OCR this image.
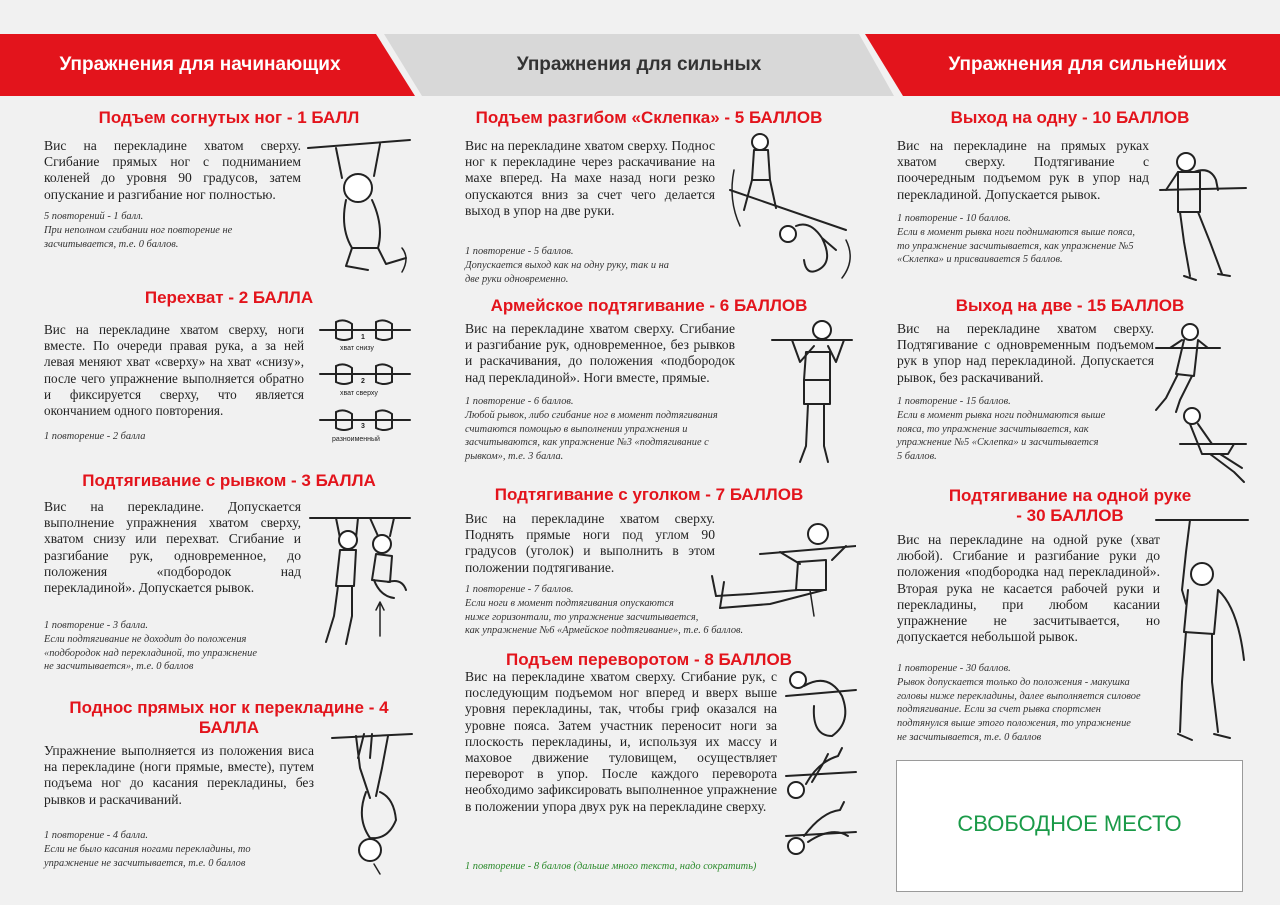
Упражнения для начинающих	Упражнения для сильных	Упражнения для сильнейших
Подъем согнутых ног - 1 БАЛЛ
Вис на перекладине хватом сверху. Сгибание прямых ног с подниманием коленей до уровня 90 градусов, затем опускание и разгибание ног полностью.
5 повторений - 1 балл.
При неполном сгибании ног повторение не
засчитывается, т.е. 0 баллов.
Перехват - 2 БАЛЛА
Вис на перекладине хватом сверху, ноги вместе. По очереди правая рука, а за ней левая меняют хват «сверху» на хват «снизу», после чего упражнение выполняется обратно и фиксируется сверху, что является окончанием одного повторения.
1 повторение - 2 балла
1
хват снизу
2
хват сверху
3
разноименный
Подтягивание с рывком - 3 БАЛЛА
Вис на перекладине. Допускается выполнение упражнения хватом сверху, хватом снизу или перехват. Сгибание и разгибание рук, одновременное, до положения «подбородок над перекладиной». Допускается рывок.
1 повторение - 3 балла.
Если подтягивание не доходит до положения
«подбородок над перекладиной, то упражнение
не засчитывается», т.е. 0 баллов
Поднос прямых ног к перекладине - 4 БАЛЛА
Упражнение выполняется из положения виса на перекладине (ноги прямые, вместе), путем подъема ног до касания перекладины, без рывков и раскачиваний.
1 повторение - 4 балла.
Если не было касания ногами перекладины, то
упражнение не засчитывается, т.е. 0 баллов
Подъем разгибом «Склепка» - 5 БАЛЛОВ
Вис на перекладине хватом сверху. Поднос ног к перекладине через раскачивание на махе вперед. На махе назад ноги резко опускаются вниз за счет чего делается выход в упор на две руки.
1 повторение - 5 баллов.
Допускается выход как на одну руку, так и на
две руки одновременно.
Армейское подтягивание - 6 БАЛЛОВ
Вис на перекладине хватом сверху. Сгибание и разгибание рук, одновременное, без рывков и раскачивания, до положения «подбородок над перекладиной». Ноги вместе, прямые.
1 повторение - 6 баллов.
Любой рывок, либо сгибание ног в момент подтягивания
считаются помощью в выполнении упражнения и
засчитываются, как упражнение №3 «подтягивание с
рывком», т.е. 3 балла.
Подтягивание с уголком - 7 БАЛЛОВ
Вис на перекладине хватом сверху. Поднять прямые ноги под углом 90 градусов (уголок) и выполнить в этом положении подтягивание.
1 повторение - 7 баллов.
Если ноги в момент подтягивания опускаются
ниже горизонтали, то упражнение засчитывается,
как упражнение №6 «Армейское подтягивание», т.е. 6 баллов.
Подъем переворотом - 8 БАЛЛОВ
Вис на перекладине хватом сверху. Сгибание рук, с последующим подъемом ног вперед и вверх выше уровня перекладины, так, чтобы гриф оказался на уровне пояса. Затем участник переносит ноги за плоскость перекладины, и, используя их массу и маховое движение туловищем, осуществляет переворот в упор. После каждого переворота необходимо зафиксировать выполненное упражнение в положении упора двух рук на перекладине сверху.
1 повторение - 8 баллов (дальше много текста, надо сократить)
Выход на одну - 10 БАЛЛОВ
Вис на перекладине на прямых руках хватом сверху. Подтягивание с поочередным подъемом рук в упор над перекладиной. Допускается рывок.
1 повторение - 10 баллов.
Если в момент рывка ноги поднимаются выше пояса,
то упражнение засчитывается, как упражнение №5
«Склепка» и присваивается 5 баллов.
Выход на две - 15 БАЛЛОВ
Вис на перекладине хватом сверху. Подтягивание с одновременным подъемом рук в упор над перекладиной. Допускается рывок, без раскачиваний.
1 повторение - 15 баллов.
Если в момент рывка ноги поднимаются выше
пояса, то упражнение засчитывается, как
упражнение №5 «Склепка» и засчитывается
5 баллов.
Подтягивание на одной руке
- 30 БАЛЛОВ
Вис на перекладине на одной руке (хват любой). Сгибание и разгибание руки до положения «подбородка над перекладиной». Вторая рука не касается рабочей руки и перекладины, при любом касании упражнение не засчитывается, но допускается небольшой рывок.
1 повторение - 30 баллов.
Рывок допускается только до положения - макушка
головы ниже перекладины, далее выполняется силовое
подтягивание. Если за счет рывка спортсмен
подтянулся выше этого положения, то упражнение
не засчитывается, т.е. 0 баллов
СВОБОДНОЕ МЕСТО
